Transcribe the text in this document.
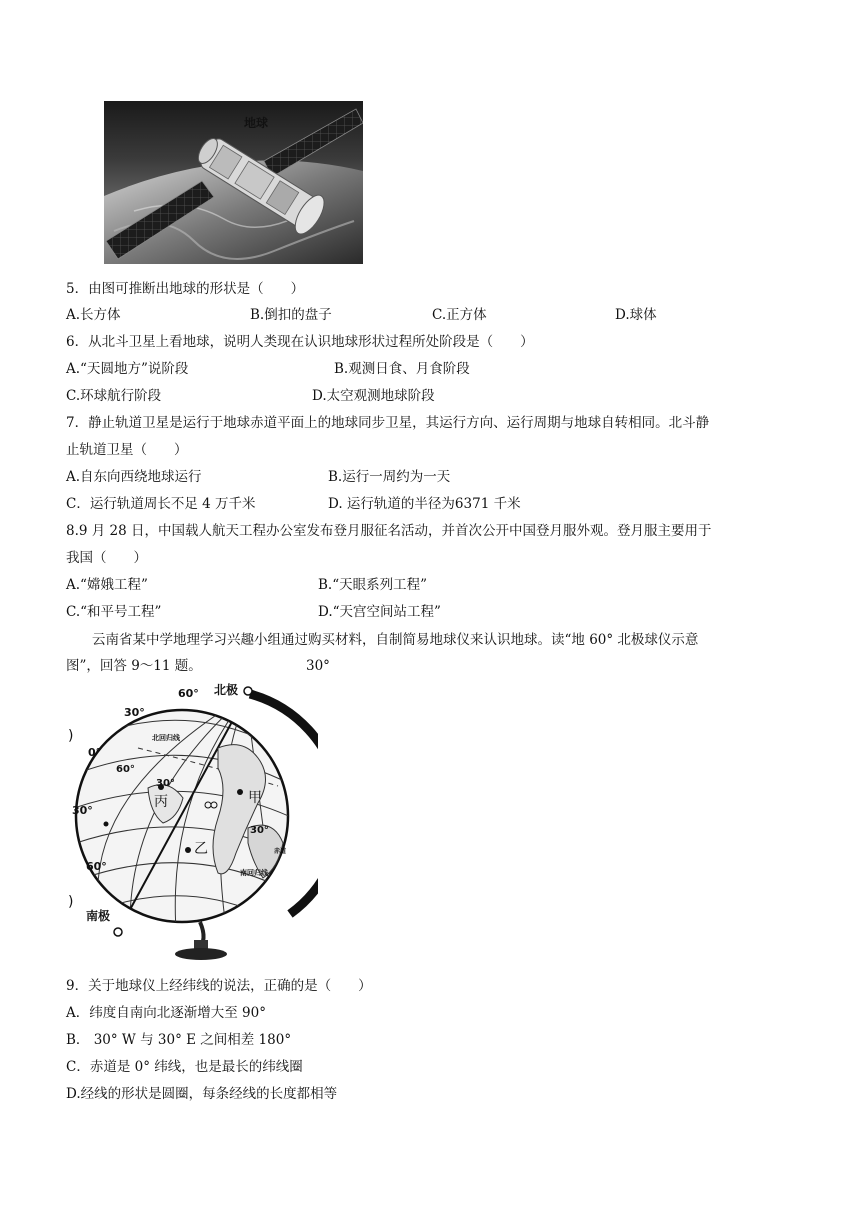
地球
5．由图可推断出地球的形状是（　　）
A.长方体	B.倒扣的盘子	C.正方体	D.球体
6．从北斗卫星上看地球，说明人类现在认识地球形状过程所处阶段是（　　）
A.“天圆地方”说阶段	B.观测日食、月食阶段
C.环球航行阶段	D.太空观测地球阶段
7．静止轨道卫星是运行于地球赤道平面上的地球同步卫星，其运行方向、运行周期与地球自转相同。北斗静
止轨道卫星（　　）
A.自东向西绕地球运行	B.运行一周约为一天
C．运行轨道周长不足 4 万千米	D. 运行轨道的半径为6371 千米
8.9 月 28 日，中国载人航天工程办公室发布登月服征名活动，并首次公开中国登月服外观。登月服主要用于
我国（　　）
A.“嫦娥工程”	B.“天眼系列工程”
C.“和平号工程”	D.“天宫空间站工程”
云南省某中学地理学习兴趣小组通过购买材料，自制简易地球仪来认识地球。读“地 60° 北极球仪示意
图”，回答 9～11 题。	30°
北极
南极
60°
30°
0°
60°
30°
60°
30°
30°
丙	甲
乙
北回归线
南回归线
赤道
)
)
9．关于地球仪上经纬线的说法，正确的是（　　）
A．纬度自南向北逐渐增大至 90°
B． 30° W 与 30° E 之间相差 180°
C．赤道是 0° 纬线，也是最长的纬线圈
D.经线的形状是圆圈，每条经线的长度都相等
